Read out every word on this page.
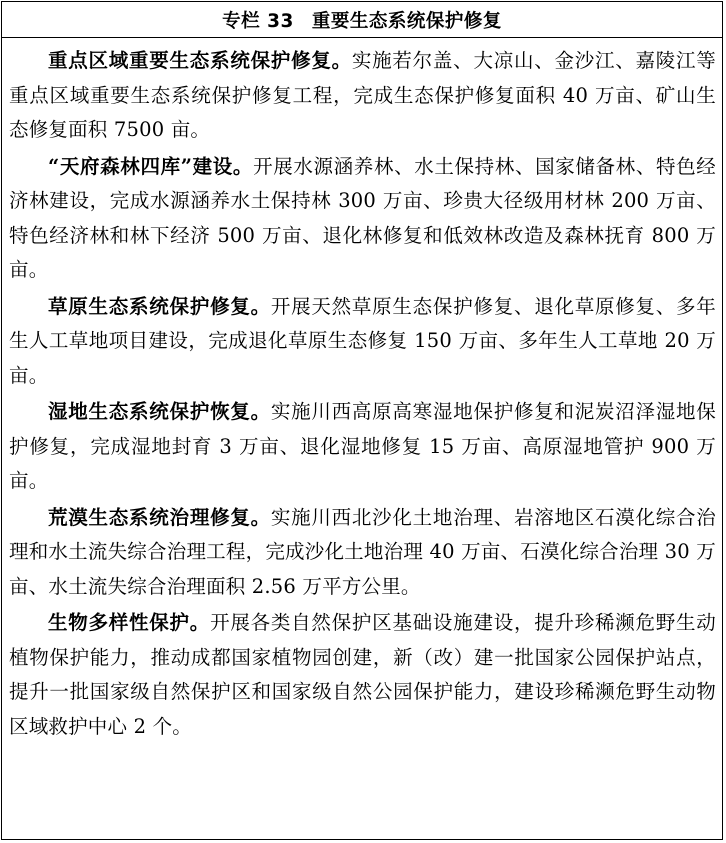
专栏 33 重要生态系统保护修复

重点区域重要生态系统保护修复。实施若尔盖、大凉山、金沙江、嘉陵江等重点区域重要生态系统保护修复工程，完成生态保护修复面积 40 万亩、矿山生态修复面积 7500 亩。

“天府森林四库”建设。开展水源涵养林、水土保持林、国家储备林、特色经济林建设，完成水源涵养水土保持林 300 万亩、珍贵大径级用材林 200 万亩、特色经济林和林下经济 500 万亩、退化林修复和低效林改造及森林抚育 800 万亩。

草原生态系统保护修复。开展天然草原生态保护修复、退化草原修复、多年生人工草地项目建设，完成退化草原生态修复 150 万亩、多年生人工草地 20 万亩。

湿地生态系统保护恢复。实施川西高原高寒湿地保护修复和泥炭沼泽湿地保护修复，完成湿地封育 3 万亩、退化湿地修复 15 万亩、高原湿地管护 900 万亩。

荒漠生态系统治理修复。实施川西北沙化土地治理、岩溶地区石漠化综合治理和水土流失综合治理工程，完成沙化土地治理 40 万亩、石漠化综合治理 30 万亩、水土流失综合治理面积 2.56 万平方公里。

生物多样性保护。开展各类自然保护区基础设施建设，提升珍稀濒危野生动植物保护能力，推动成都国家植物园创建，新（改）建一批国家公园保护站点，提升一批国家级自然保护区和国家级自然公园保护能力，建设珍稀濒危野生动物区域救护中心 2 个。
